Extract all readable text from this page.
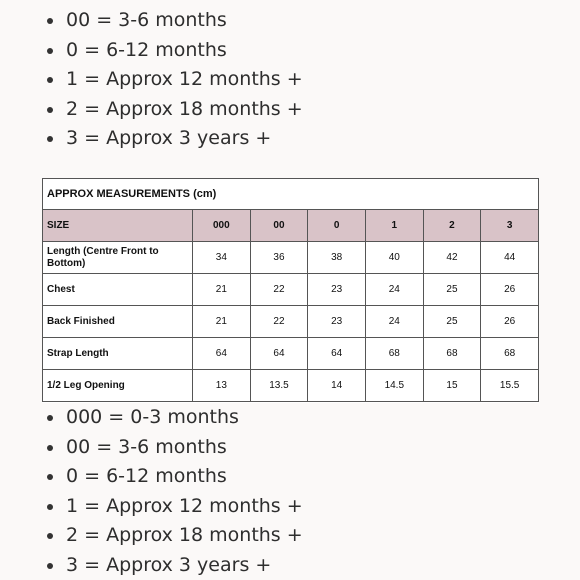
00 = 3-6 months
0 = 6-12 months
1 = Approx 12 months +
2 = Approx 18 months +
3 = Approx 3 years +
APPROX MEASUREMENTS (cm)						
SIZE	000	00	0	1	2	3
Length (Centre Front to Bottom)	34	36	38	40	42	44
Chest	21	22	23	24	25	26
Back Finished	21	22	23	24	25	26
Strap Length	64	64	64	68	68	68
1/2 Leg Opening	13	13.5	14	14.5	15	15.5
000 = 0-3 months
00 = 3-6 months
0 = 6-12 months
1 = Approx 12 months +
2 = Approx 18 months +
3 = Approx 3 years +
